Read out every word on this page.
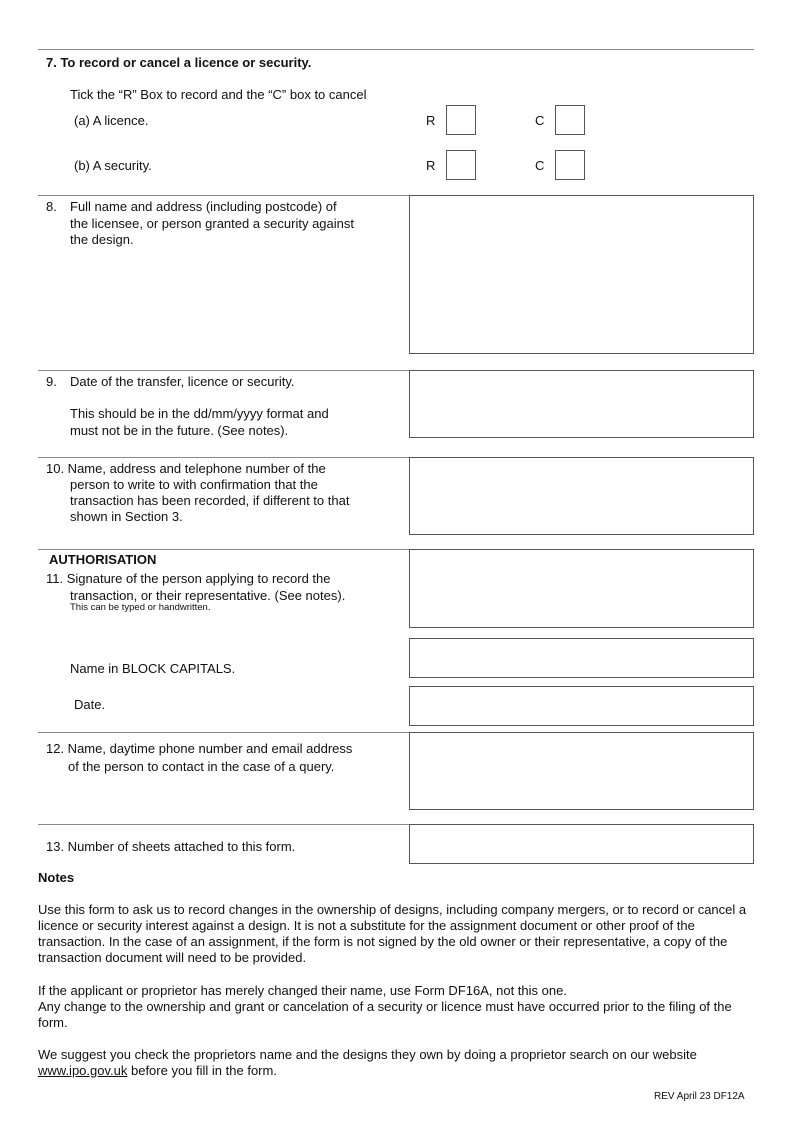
7. To record or cancel a licence or security.
Tick the “R” Box to record and the “C” box to cancel
(a) A licence.	R	C
(b) A security.	R	C
8. Full name and address (including postcode) of
the licensee, or person granted a security against
the design.
9. Date of the transfer, licence or security.
This should be in the dd/mm/yyyy format and
must not be in the future. (See notes).
10. Name, address and telephone number of the
person to write to with confirmation that the
transaction has been recorded, if different to that
shown in Section 3.
AUTHORISATION
11. Signature of the person applying to record the
transaction, or their representative. (See notes).
This can be typed or handwritten.
Name in BLOCK CAPITALS.
Date.
12. Name, daytime phone number and email address
of the person to contact in the case of a query.
13. Number of sheets attached to this form.
Notes

Use this form to ask us to record changes in the ownership of designs, including company mergers, or to record or cancel a licence or security interest against a design. It is not a substitute for the assignment document or other proof of the transaction. In the case of an assignment, if the form is not signed by the old owner or their representative, a copy of the transaction document will need to be provided.

If the applicant or proprietor has merely changed their name, use Form DF16A, not this one.

Any change to the ownership and grant or cancelation of a security or licence must have occurred prior to the filing of the form.

We suggest you check the proprietors name and the designs they own by doing a proprietor search on our website
www.ipo.gov.uk before you fill in the form.

REV April 23 DF12A
